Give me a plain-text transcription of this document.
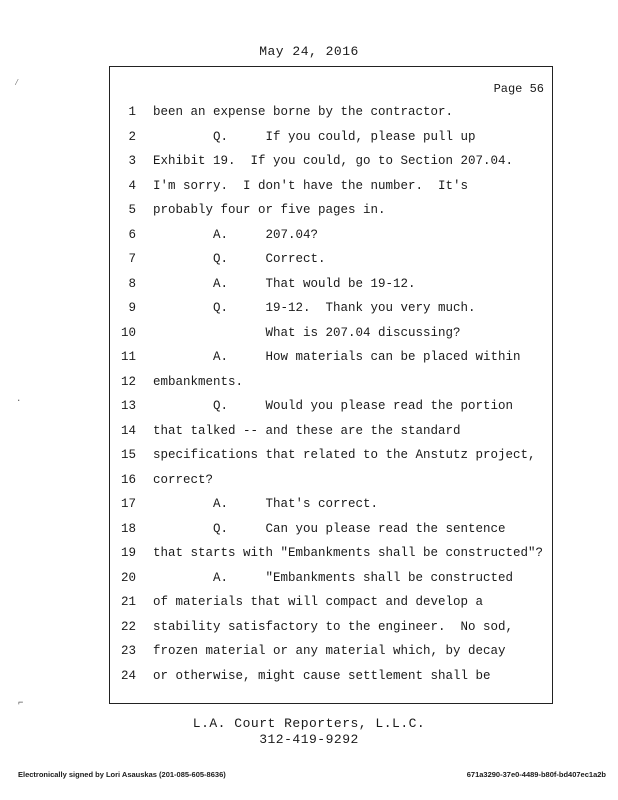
May 24, 2016
⁄
·
⌐
Page 56
1 been an expense borne by the contractor.
2 Q.     If you could, please pull up
3 Exhibit 19.  If you could, go to Section 207.04.
4 I'm sorry.  I don't have the number.  It's
5 probably four or five pages in.
6 A.     207.04?
7 Q.     Correct.
8 A.     That would be 19-12.
9 Q.     19-12.  Thank you very much.
10 What is 207.04 discussing?
11 A.     How materials can be placed within
12 embankments.
13 Q.     Would you please read the portion
14 that talked -- and these are the standard
15 specifications that related to the Anstutz project,
16 correct?
17 A.     That's correct.
18 Q.     Can you please read the sentence
19 that starts with "Embankments shall be constructed"?
20 A.     "Embankments shall be constructed
21 of materials that will compact and develop a
22 stability satisfactory to the engineer.  No sod,
23 frozen material or any material which, by decay
24 or otherwise, might cause settlement shall be
L.A. Court Reporters, L.L.C.
312-419-9292
Electronically signed by Lori Asauskas (201-085-605-8636)	671a3290-37e0-4489-b80f-bd407ec1a2b
